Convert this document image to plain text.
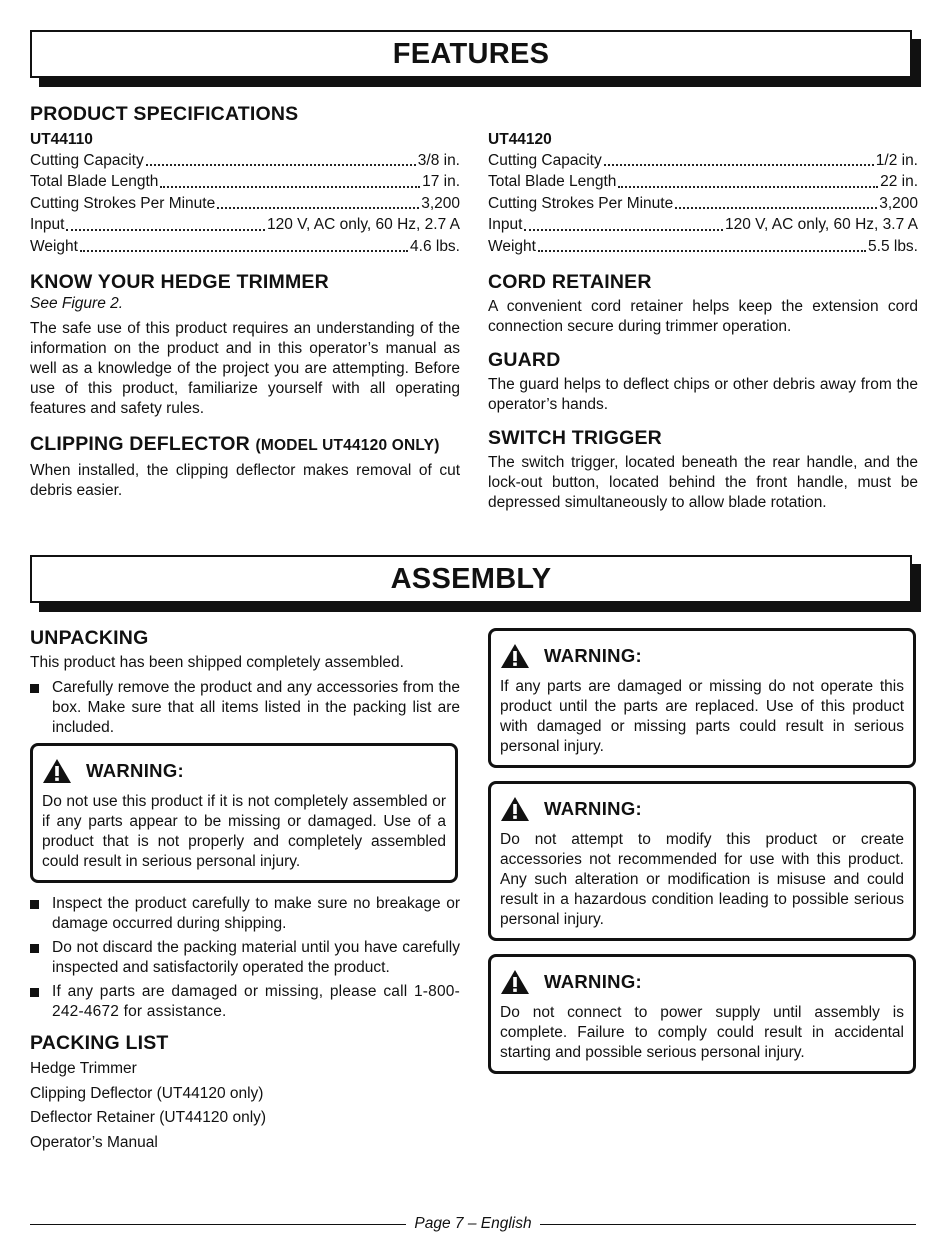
FEATURES
PRODUCT SPECIFICATIONS
UT44110
Cutting Capacity	3/8 in.
Total Blade Length	17 in.
Cutting Strokes Per Minute	3,200
Input	120 V, AC only, 60 Hz, 2.7 A
Weight	4.6 lbs.
KNOW YOUR HEDGE TRIMMER
See Figure 2.

The safe use of this product requires an understanding of the information on the product and in this operator’s manual as well as a knowledge of the project you are attempting. Before use of this product, familiarize yourself with all operating features and safety rules.

CLIPPING DEFLECTOR (MODEL UT44120 ONLY)

When installed, the clipping deflector makes removal of cut debris easier.

UT44120
Cutting Capacity	1/2 in.
Total Blade Length	22 in.
Cutting Strokes Per Minute	3,200
Input	120 V, AC only, 60 Hz, 3.7 A
Weight	5.5 lbs.
CORD RETAINER

A convenient cord retainer helps keep the extension cord connection secure during trimmer operation.

GUARD

The guard helps to deflect chips or other debris away from the operator’s hands.

SWITCH TRIGGER

The switch trigger, located beneath the rear handle, and the lock-out button, located behind the front handle, must be depressed simultaneously to allow blade rotation.

ASSEMBLY
UNPACKING

This product has been shipped completely assembled.

Carefully remove the product and any accessories from the box. Make sure that all items listed in the packing list are included.
WARNING:

Do not use this product if it is not completely assembled or if any parts appear to be missing or damaged. Use of a product that is not properly and completely assembled could result in serious personal injury.

Inspect the product carefully to make sure no breakage or damage occurred during shipping.
Do not discard the packing material until you have carefully inspected and satisfactorily operated the product.
If any parts are damaged or missing, please call 1-800-242-4672 for assistance.
PACKING LIST
Hedge Trimmer
Clipping Deflector (UT44120 only)
Deflector Retainer (UT44120 only)
Operator’s Manual
WARNING:

If any parts are damaged or missing do not operate this product until the parts are replaced. Use of this product with damaged or missing parts could result in serious personal injury.

WARNING:

Do not attempt to modify this product or create accessories not recommended for use with this product. Any such alteration or modification is misuse and could result in a hazardous condition leading to possible serious personal injury.

WARNING:

Do not connect to power supply until assembly is complete. Failure to comply could result in accidental starting and possible serious personal injury.

Page 7 – English
